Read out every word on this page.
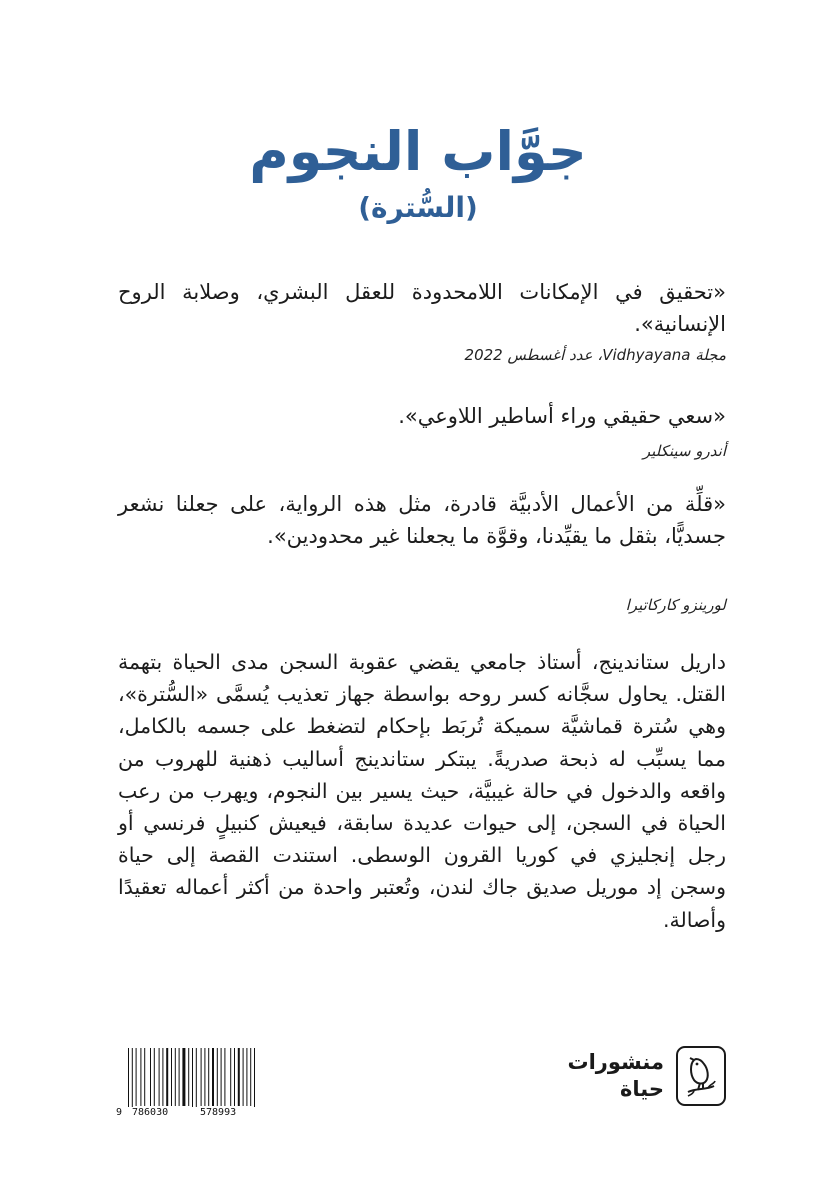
جوَّاب النجوم
(السُّترة)

«تحقيق في الإمكانات اللامحدودة للعقل البشري، وصلابة الروح الإنسانية».

مجلة Vidhyayana، عدد أغسطس 2022

«سعي حقيقي وراء أساطير اللاوعي».

أندرو سينكلير

«قلِّة من الأعمال الأدبيَّة قادرة، مثل هذه الرواية، على جعلنا نشعر جسديًّا، بثقل ما يقيِّدنا، وقوَّة ما يجعلنا غير محدودين».

لورينزو كاركاتيرا

داريل ستاندينج، أستاذ جامعي يقضي عقوبة السجن مدى الحياة بتهمة القتل. يحاول سجَّانه كسر روحه بواسطة جهاز تعذيب يُسمَّى «السُّترة»، وهي سُترة قماشيَّة سميكة تُربَط بإحكام لتضغط على جسمه بالكامل، مما يسبِّب له ذبحة صدريةً. يبتكر ستاندينج أساليب ذهنية للهروب من واقعه والدخول في حالة غيبيَّة، حيث يسير بين النجوم، ويهرب من رعب الحياة في السجن، إلى حيوات عديدة سابقة، فيعيش كنبيلٍ فرنسي أو رجل إنجليزي في كوريا القرون الوسطى. استندت القصة إلى حياة وسجن إد موريل صديق جاك لندن، وتُعتبر واحدة من أكثر أعماله تعقيدًا وأصالة.

9 786030	578993
منشورات
حياة
